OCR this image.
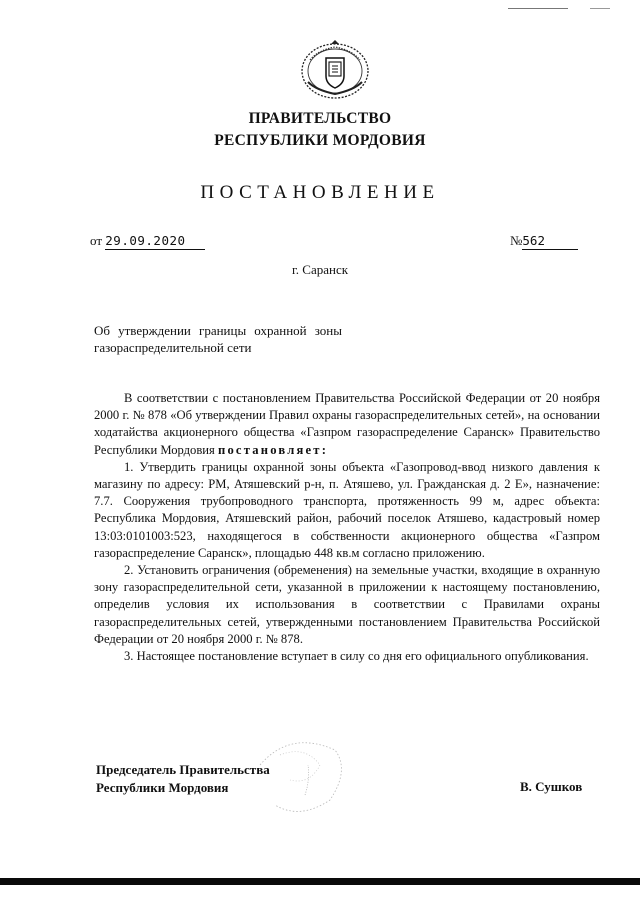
ПРАВИТЕЛЬСТВО
РЕСПУБЛИКИ МОРДОВИЯ
ПОСТАНОВЛЕНИЕ
от 29.09.2020	№562
г. Саранск
Об утверждении границы охранной зоны газораспределительной сети

В соответствии с постановлением Правительства Российской Федерации от 20 ноября 2000 г. № 878 «Об утверждении Правил охраны газораспределительных сетей», на основании ходатайства акционерного общества «Газпром газораспределение Саранск» Правительство Республики Мордовия постановляет:

1. Утвердить границы охранной зоны объекта «Газопровод-ввод низкого давления к магазину по адресу: РМ, Атяшевский р-н, п. Атяшево, ул. Гражданская д. 2 Е», назначение: 7.7. Сооружения трубопроводного транспорта, протяженность 99 м, адрес объекта: Республика Мордовия, Атяшевский район, рабочий поселок Атяшево, кадастровый номер 13:03:0101003:523, находящегося в собственности акционерного общества «Газпром газораспределение Саранск», площадью 448 кв.м согласно приложению.

2. Установить ограничения (обременения) на земельные участки, входящие в охранную зону газораспределительной сети, указанной в приложении к настоящему постановлению, определив условия их использования в соответствии с Правилами охраны газораспределительных сетей, утвержденными постановлением Правительства Российской Федерации от 20 ноября 2000 г. № 878.

3. Настоящее постановление вступает в силу со дня его официального опубликования.

Председатель Правительства
Республики Мордовия	В. Сушков
